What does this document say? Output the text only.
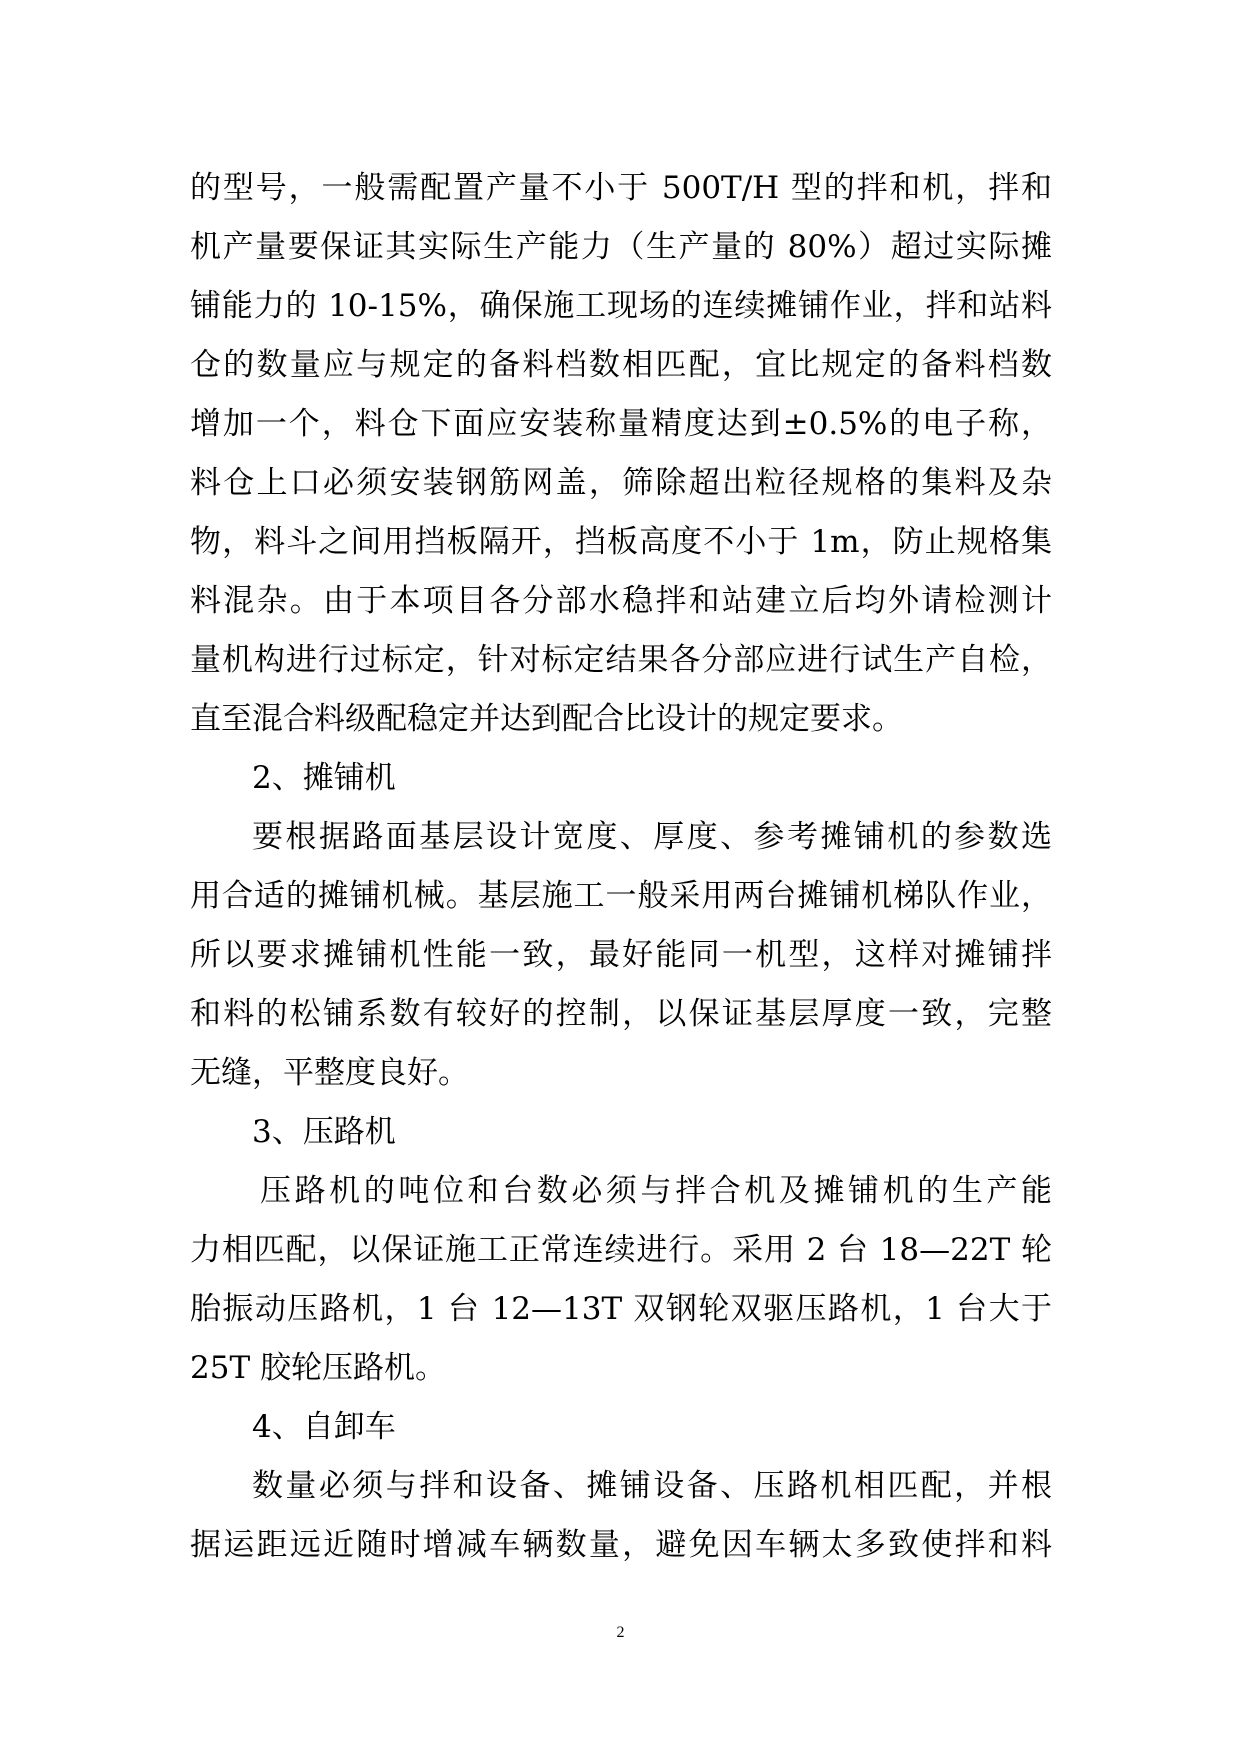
的型号，一般需配置产量不小于 500T/H 型的拌和机，拌和
机产量要保证其实际生产能力（生产量的 80%）超过实际摊
铺能力的 10-15%，确保施工现场的连续摊铺作业，拌和站料
仓的数量应与规定的备料档数相匹配，宜比规定的备料档数
增加一个，料仓下面应安装称量精度达到±0.5%的电子称，
料仓上口必须安装钢筋网盖，筛除超出粒径规格的集料及杂
物，料斗之间用挡板隔开，挡板高度不小于 1m，防止规格集
料混杂。由于本项目各分部水稳拌和站建立后均外请检测计
量机构进行过标定，针对标定结果各分部应进行试生产自检，
直至混合料级配稳定并达到配合比设计的规定要求。
2、摊铺机
要根据路面基层设计宽度、厚度、参考摊铺机的参数选
用合适的摊铺机械。基层施工一般采用两台摊铺机梯队作业，
所以要求摊铺机性能一致，最好能同一机型，这样对摊铺拌
和料的松铺系数有较好的控制，以保证基层厚度一致，完整
无缝，平整度良好。
3、压路机
压路机的吨位和台数必须与拌合机及摊铺机的生产能
力相匹配，以保证施工正常连续进行。采用 2 台 18—22T 轮
胎振动压路机，1 台 12—13T 双钢轮双驱压路机，1 台大于
25T 胶轮压路机。
4、自卸车
数量必须与拌和设备、摊铺设备、压路机相匹配，并根
据运距远近随时增减车辆数量，避免因车辆太多致使拌和料
2
